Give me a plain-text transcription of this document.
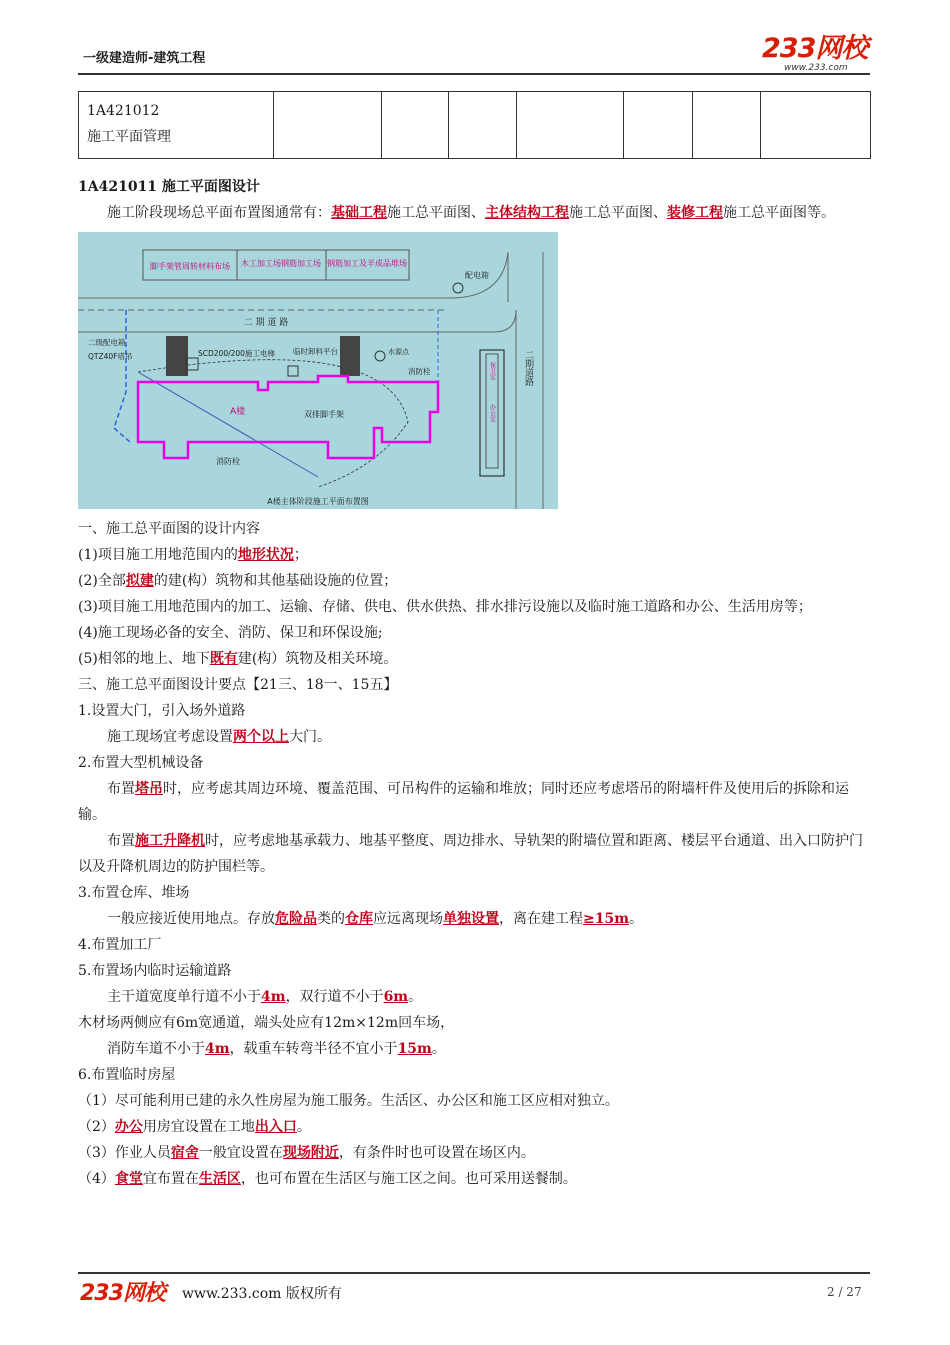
一级建造师-建筑工程	233网校
www.233.com
1A421012
施工平面管理

1A421011 施工平面图设计

施工阶段现场总平面布置图通常有：基础工程施工总平面图、主体结构工程施工总平面图、装修工程施工总平面图等。

脚手架管周转材料布场 木工加工场钢筋加工场 钢筋加工及半成品堆场
二 期 道 路
二期道路
配电箱
二级配电箱
QTZ40F塔吊	SCD200/200施工电梯 临时卸料平台	水源点
消防栓
A楼	双排脚手架
消防栓
保卫室
办公室
A楼主体阶段施工平面布置图

一、施工总平面图的设计内容

(1)项目施工用地范围内的地形状况；

(2)全部拟建的建(构）筑物和其他基础设施的位置；

(3)项目施工用地范围内的加工、运输、存储、供电、供水供热、排水排污设施以及临时施工道路和办公、生活用房等；

(4)施工现场必备的安全、消防、保卫和环保设施;

(5)相邻的地上、地下既有建(构）筑物及相关环境。

三、施工总平面图设计要点【21三、18一、15五】

1.设置大门，引入场外道路

施工现场宜考虑设置两个以上大门。

2.布置大型机械设备

布置塔吊时，应考虑其周边环境、覆盖范围、可吊构件的运输和堆放；同时还应考虑塔吊的附墙杆件及使用后的拆除和运输。

布置施工升降机时，应考虑地基承载力、地基平整度、周边排水、导轨架的附墙位置和距离、楼层平台通道、出入口防护门以及升降机周边的防护围栏等。

3.布置仓库、堆场

一般应接近使用地点。存放危险品类的仓库应远离现场单独设置，离在建工程≥15m。

4.布置加工厂

5.布置场内临时运输道路

主干道宽度单行道不小于4m，双行道不小于6m。

木材场两侧应有6m宽通道，端头处应有12m×12m回车场，

消防车道不小于4m，载重车转弯半径不宜小于15m。

6.布置临时房屋

（1）尽可能利用已建的永久性房屋为施工服务。生活区、办公区和施工区应相对独立。

（2）办公用房宜设置在工地出入口。

（3）作业人员宿舍一般宜设置在现场附近，有条件时也可设置在场区内。

（4）食堂宜布置在生活区，也可布置在生活区与施工区之间。也可采用送餐制。

233网校 www.233.com 版权所有	2 / 27
